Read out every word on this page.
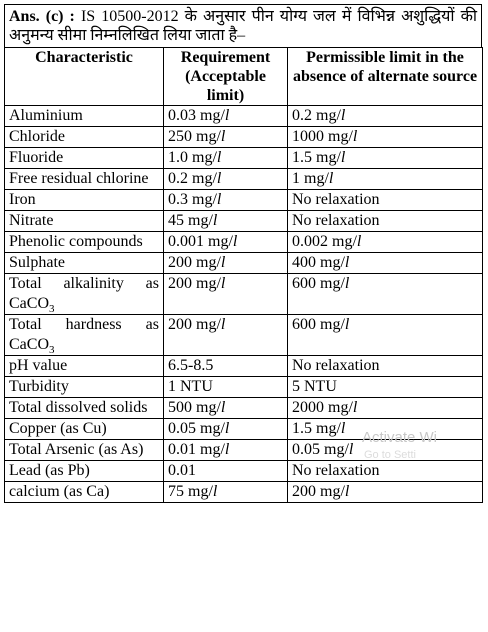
Ans. (c) : IS 10500-2012 के अनुसार पीन योग्य जल में विभिन्न अशुद्धियों की अनुमन्य सीमा निम्नलिखित लिया जाता है–
Characteristic	Requirement (Acceptable limit)	Permissible limit in the absence of alternate source
Aluminium	0.03 mg/l	0.2 mg/l
Chloride	250 mg/l	1000 mg/l
Fluoride	1.0 mg/l	1.5 mg/l
Free residual chlorine	0.2 mg/l	1 mg/l
Iron	0.3 mg/l	No relaxation
Nitrate	45 mg/l	No relaxation
Phenolic compounds	0.001 mg/l	0.002 mg/l
Sulphate	200 mg/l	400 mg/l
Total alkalinity as CaCO$_3$	200 mg/l	600 mg/l
Total hardness as CaCO$_3$	200 mg/l	600 mg/l
pH value	6.5-8.5	No relaxation
Turbidity	1 NTU	5 NTU
Total dissolved solids	500 mg/l	2000 mg/l
Copper (as Cu)	0.05 mg/l	1.5 mg/l
Total Arsenic (as As)	0.01 mg/l	0.05 mg/l
Lead (as Pb)	0.01	No relaxation
calcium (as Ca)	75 mg/l	200 mg/l
Activate Wi
Go to Setti
